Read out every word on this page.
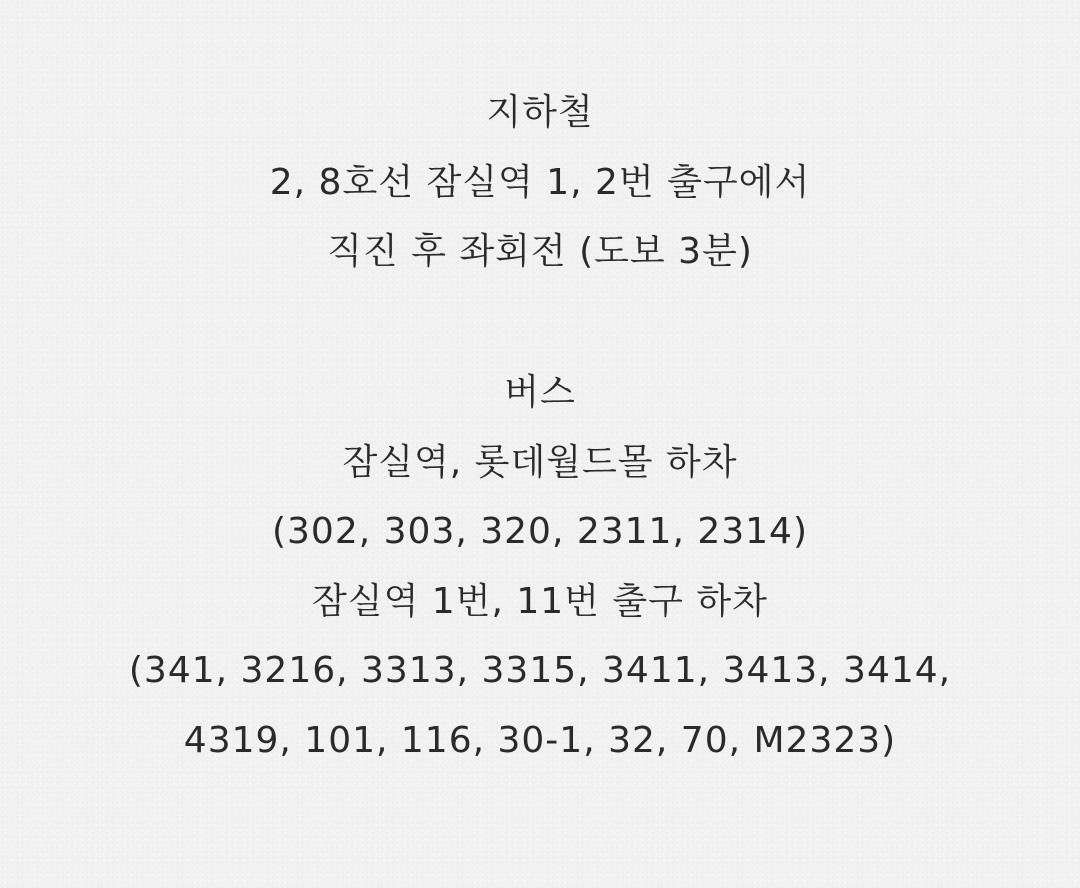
지하철
2, 8호선 잠실역 1, 2번 출구에서
직진 후 좌회전 (도보 3분)
버스
잠실역, 롯데월드몰 하차
(302, 303, 320, 2311, 2314)
잠실역 1번, 11번 출구 하차
(341, 3216, 3313, 3315, 3411, 3413, 3414,
4319, 101, 116, 30-1, 32, 70, M2323)
